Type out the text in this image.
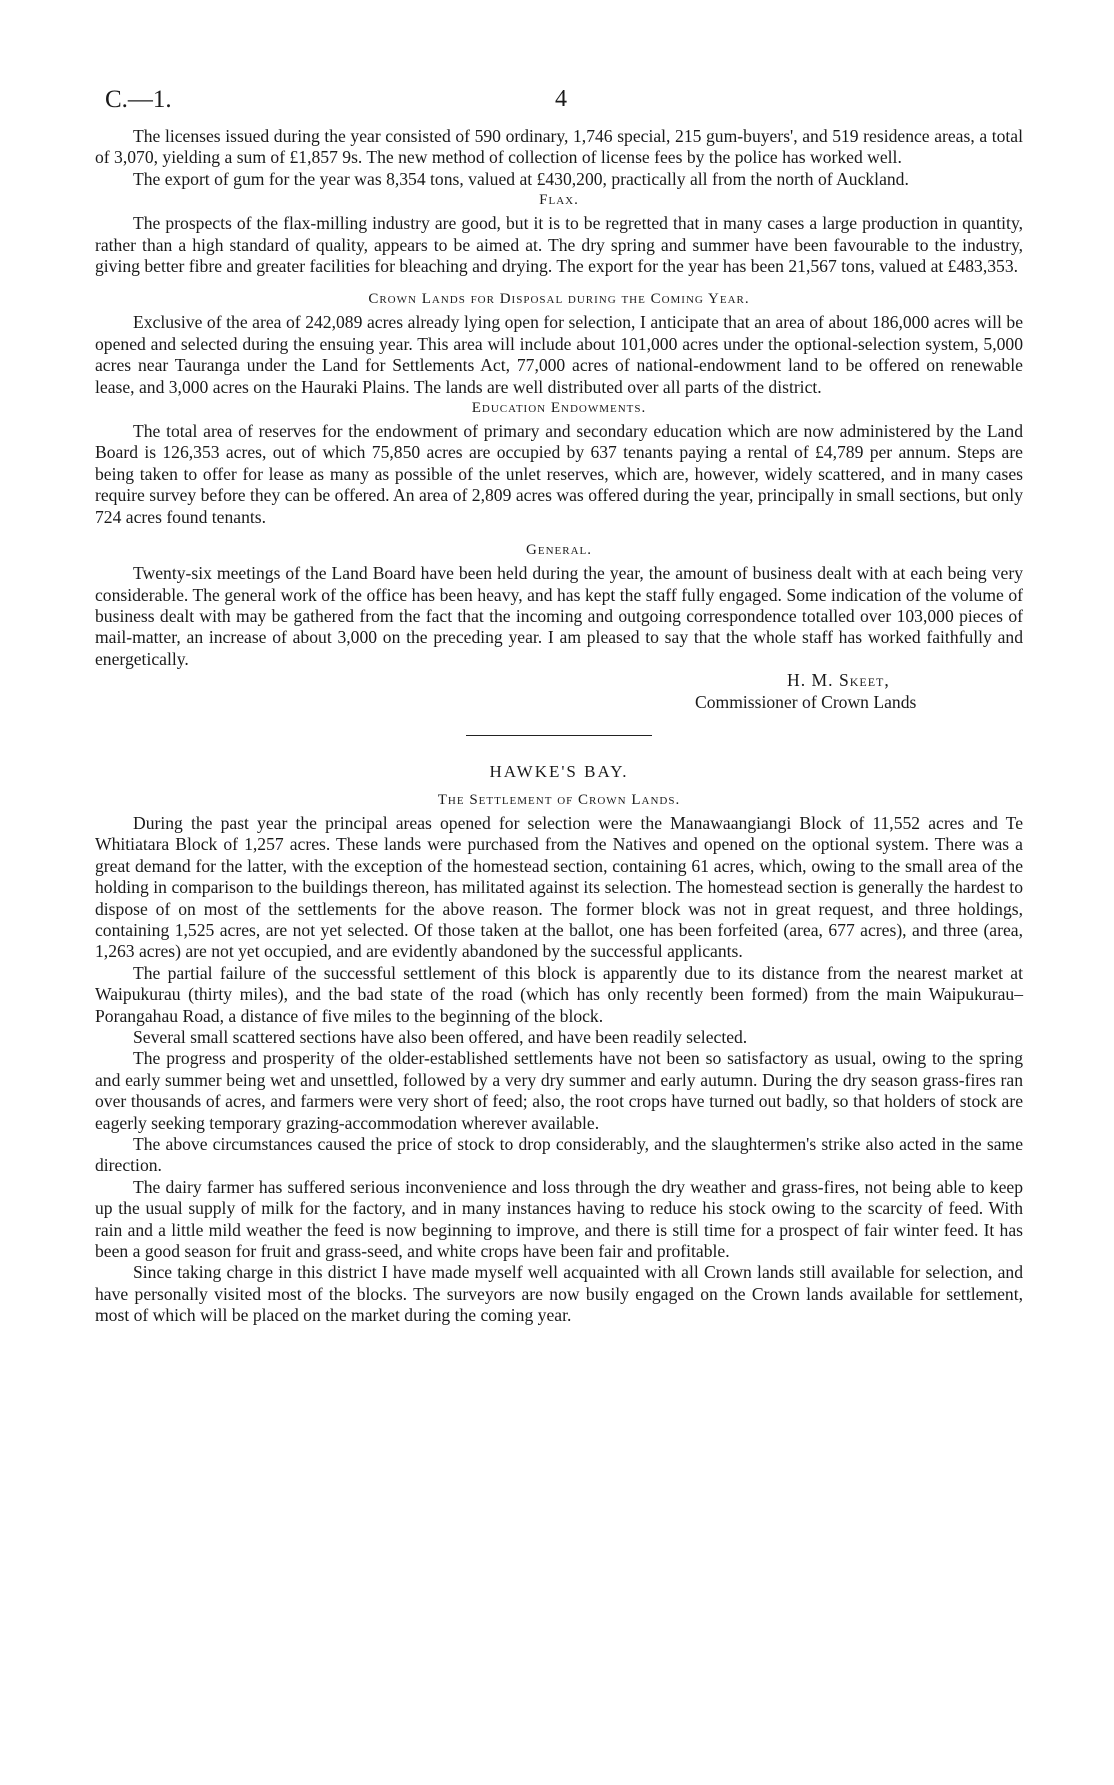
C.—1.	4

The licenses issued during the year consisted of 590 ordinary, 1,746 special, 215 gum-buyers', and 519 residence areas, a total of 3,070, yielding a sum of £1,857 9s. The new method of collection of license fees by the police has worked well.

The export of gum for the year was 8,354 tons, valued at £430,200, practically all from the north of Auckland.

Flax.

The prospects of the flax-milling industry are good, but it is to be regretted that in many cases a large production in quantity, rather than a high standard of quality, appears to be aimed at. The dry spring and summer have been favourable to the industry, giving better fibre and greater facilities for bleaching and drying. The export for the year has been 21,567 tons, valued at £483,353.

Crown Lands for Disposal during the Coming Year.

Exclusive of the area of 242,089 acres already lying open for selection, I anticipate that an area of about 186,000 acres will be opened and selected during the ensuing year. This area will include about 101,000 acres under the optional-selection system, 5,000 acres near Tauranga under the Land for Settlements Act, 77,000 acres of national-endowment land to be offered on renewable lease, and 3,000 acres on the Hauraki Plains. The lands are well distributed over all parts of the district.

Education Endowments.

The total area of reserves for the endowment of primary and secondary education which are now administered by the Land Board is 126,353 acres, out of which 75,850 acres are occupied by 637 tenants paying a rental of £4,789 per annum. Steps are being taken to offer for lease as many as possible of the unlet reserves, which are, however, widely scattered, and in many cases require survey before they can be offered. An area of 2,809 acres was offered during the year, principally in small sections, but only 724 acres found tenants.

General.

Twenty-six meetings of the Land Board have been held during the year, the amount of business dealt with at each being very considerable. The general work of the office has been heavy, and has kept the staff fully engaged. Some indication of the volume of business dealt with may be gathered from the fact that the incoming and outgoing correspondence totalled over 103,000 pieces of mail-matter, an increase of about 3,000 on the preceding year. I am pleased to say that the whole staff has worked faithfully and energetically.

H. M. Skeet,
Commissioner of Crown Lands
HAWKE'S BAY.
The Settlement of Crown Lands.

During the past year the principal areas opened for selection were the Manawaangiangi Block of 11,552 acres and Te Whitiatara Block of 1,257 acres. These lands were purchased from the Natives and opened on the optional system. There was a great demand for the latter, with the exception of the homestead section, containing 61 acres, which, owing to the small area of the holding in comparison to the buildings thereon, has militated against its selection. The homestead section is generally the hardest to dispose of on most of the settlements for the above reason. The former block was not in great request, and three holdings, containing 1,525 acres, are not yet selected. Of those taken at the ballot, one has been forfeited (area, 677 acres), and three (area, 1,263 acres) are not yet occupied, and are evidently abandoned by the successful applicants.

The partial failure of the successful settlement of this block is apparently due to its distance from the nearest market at Waipukurau (thirty miles), and the bad state of the road (which has only recently been formed) from the main Waipukurau–Porangahau Road, a distance of five miles to the beginning of the block.

Several small scattered sections have also been offered, and have been readily selected.

The progress and prosperity of the older-established settlements have not been so satisfactory as usual, owing to the spring and early summer being wet and unsettled, followed by a very dry summer and early autumn. During the dry season grass-fires ran over thousands of acres, and farmers were very short of feed; also, the root crops have turned out badly, so that holders of stock are eagerly seeking temporary grazing-accommodation wherever available.

The above circumstances caused the price of stock to drop considerably, and the slaughtermen's strike also acted in the same direction.

The dairy farmer has suffered serious inconvenience and loss through the dry weather and grass-fires, not being able to keep up the usual supply of milk for the factory, and in many instances having to reduce his stock owing to the scarcity of feed. With rain and a little mild weather the feed is now beginning to improve, and there is still time for a prospect of fair winter feed. It has been a good season for fruit and grass-seed, and white crops have been fair and profitable.

Since taking charge in this district I have made myself well acquainted with all Crown lands still available for selection, and have personally visited most of the blocks. The surveyors are now busily engaged on the Crown lands available for settlement, most of which will be placed on the market during the coming year.
